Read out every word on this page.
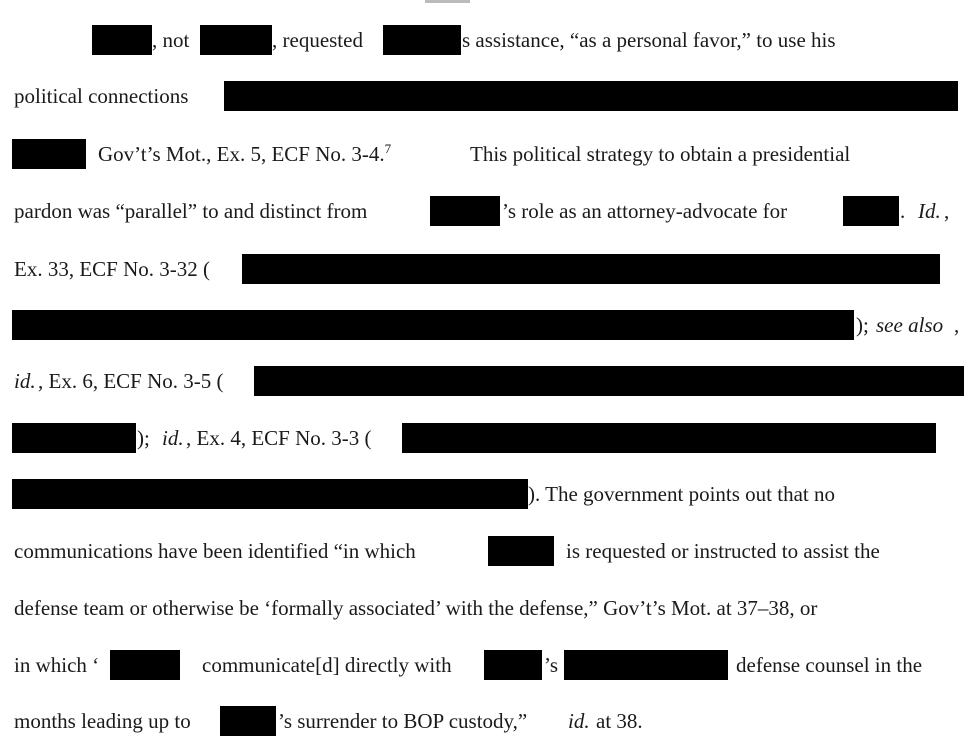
, not	, requested	s assistance, “as a personal favor,” to use his
political connections
Gov’t’s Mot., Ex. 5, ECF No. 3-4.$^7$	This political strategy to obtain a presidential
pardon was “parallel” to and distinct from	’s role as an attorney-advocate for	. Id. ,
Ex. 33, ECF No. 3-32 (
); see also ,
id. , Ex. 6, ECF No. 3-5 (
); id. , Ex. 4, ECF No. 3-3 (
). The government points out that no
communications have been identified “in which	is requested or instructed to assist the
defense team or otherwise be ‘formally associated’ with the defense,” Gov’t’s Mot. at 37–38, or
in which ‘	communicate[d] directly with	’s	defense counsel in the
months leading up to	’s surrender to BOP custody,” id. at 38.
